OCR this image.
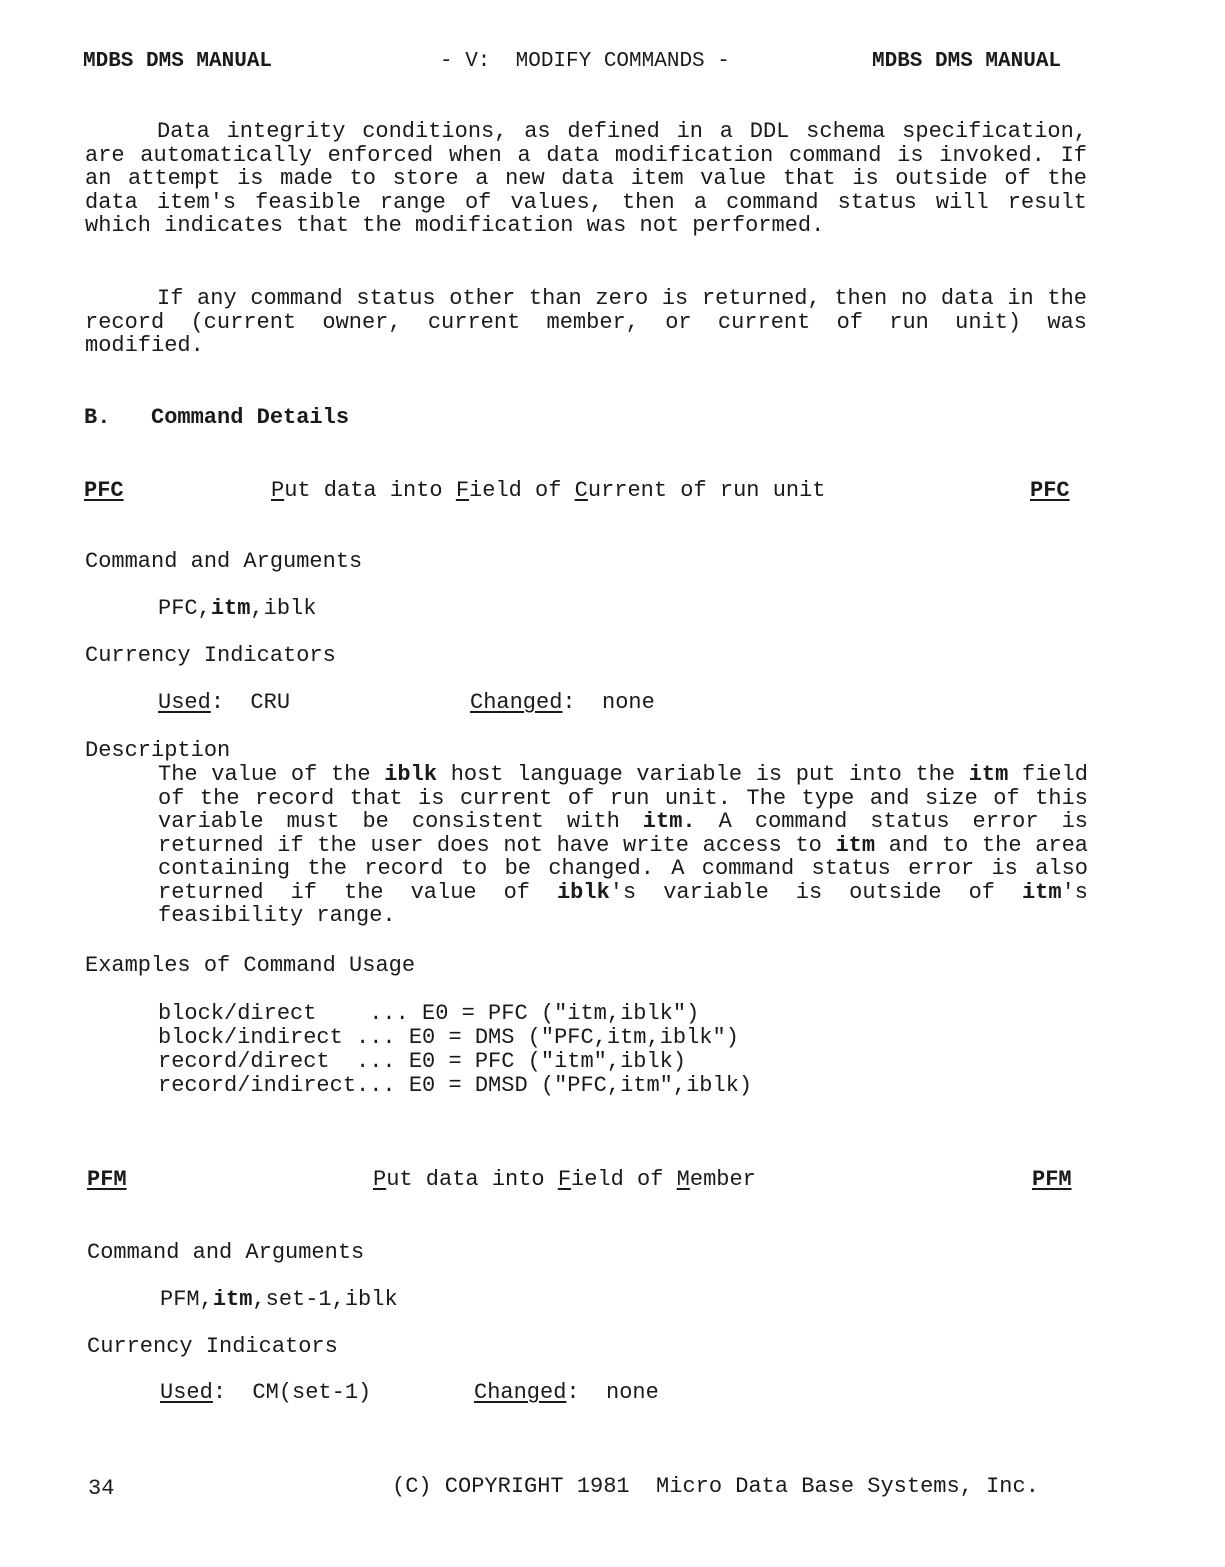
MDBS DMS MANUAL	- V:  MODIFY COMMANDS -	MDBS DMS MANUAL
Data integrity conditions, as defined in a DDL schema specification, are automatically enforced when a data modification command is invoked. If an attempt is made to store a new data item value that is outside of the data item's feasible range of values, then a command status will result which indicates that the modification was not performed.
If any command status other than zero is returned, then no data in the record (current owner, current member, or current of run unit) was modified.
B. Command Details
PFC	Put data into Field of Current of run unit	PFC
Command and Arguments
PFC,itm,iblk
Currency Indicators
Used:  CRU	Changed:  none
Description
The value of the iblk host language variable is put into the itm field of the record that is current of run unit. The type and size of this variable must be consistent with itm. A command status error is returned if the user does not have write access to itm and to the area containing the record to be changed. A command status error is also returned if the value of iblk's variable is outside of itm's feasibility range.
Examples of Command Usage
block/direct    ... E0 = PFC ("itm,iblk")
block/indirect ... E0 = DMS ("PFC,itm,iblk")
record/direct  ... E0 = PFC ("itm",iblk)
record/indirect... E0 = DMSD ("PFC,itm",iblk)
PFM	Put data into Field of Member	PFM
Command and Arguments
PFM,itm,set-1,iblk
Currency Indicators
Used:  CM(set-1)	Changed:  none
34	(C) COPYRIGHT 1981  Micro Data Base Systems, Inc.
